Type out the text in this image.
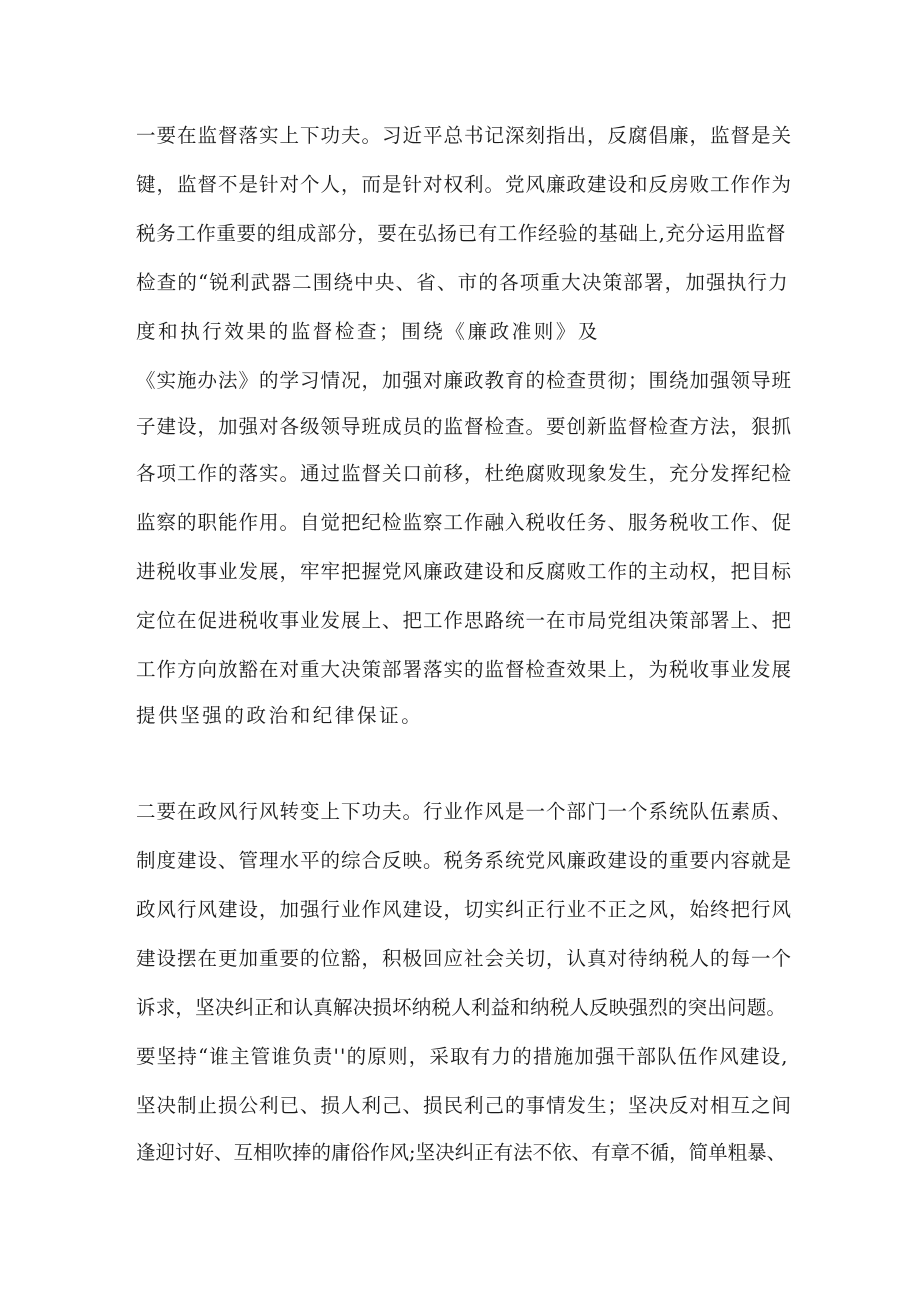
一要在监督落实上下功夫。习近平总书记深刻指出，反腐倡廉，监督是关
键，监督不是针对个人，而是针对权利。党风廉政建设和反房败工作作为
税务工作重要的组成部分，要在弘扬已有工作经验的基础上,充分运用监督
检查的“锐利武器二围绕中央、省、市的各项重大决策部署，加强执行力
度和执行效果的监督检查；围绕《廉政准则》及
《实施办法》的学习情况，加强对廉政教育的检查贯彻；围绕加强领导班
子建设，加强对各级领导班成员的监督检查。要创新监督检查方法，狠抓
各项工作的落实。通过监督关口前移，杜绝腐败现象发生，充分发挥纪检
监察的职能作用。自觉把纪检监察工作融入税收任务、服务税收工作、促
进税收事业发展，牢牢把握党风廉政建设和反腐败工作的主动权，把目标
定位在促进税收事业发展上、把工作思路统一在市局党组决策部署上、把
工作方向放豁在对重大决策部署落实的监督检查效果上，为税收事业发展
提供坚强的政治和纪律保证。
二要在政风行风转变上下功夫。行业作风是一个部门一个系统队伍素质、
制度建设、管理水平的综合反映。税务系统党风廉政建设的重要内容就是
政风行风建设，加强行业作风建设，切实纠正行业不正之风，始终把行风
建设摆在更加重要的位豁，积极回应社会关切，认真对待纳税人的每一个
诉求，坚决纠正和认真解决损坏纳税人利益和纳税人反映强烈的突出问题。
要坚持“谁主管谁负责''的原则，采取有力的措施加强干部队伍作风建设,
坚决制止损公利已、损人利己、损民利己的事情发生；坚决反对相互之间
逢迎讨好、互相吹捧的庸俗作风;坚决纠正有法不依、有章不循，简单粗暴、
